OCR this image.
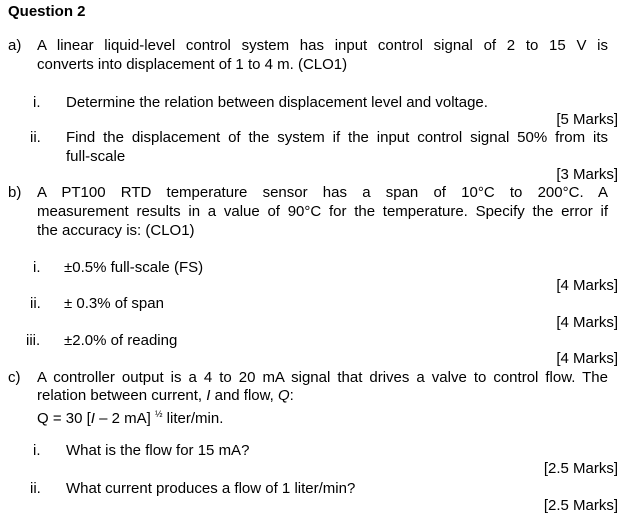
Question 2
a) A linear liquid-level control system has input control signal of 2 to 15 V is
converts into displacement of 1 to 4 m. (CLO1)
i. Determine the relation between displacement level and voltage.
[5 Marks]
ii. Find the displacement of the system if the input control signal 50% from its
full-scale
[3 Marks]
b) A PT100 RTD temperature sensor has a span of 10°C to 200°C. A
measurement results in a value of 90°C for the temperature. Specify the error if
the accuracy is: (CLO1)
i. ±0.5% full-scale (FS)
[4 Marks]
ii. ± 0.3% of span
[4 Marks]
iii. ±2.0% of reading
[4 Marks]
c) A controller output is a 4 to 20 mA signal that drives a valve to control flow. The
relation between current, I and flow, Q:
Q = 30 [I – 2 mA] $^{\frac{1}{2}}$ liter/min.
i. What is the flow for 15 mA?
[2.5 Marks]
ii. What current produces a flow of 1 liter/min?
[2.5 Marks]
